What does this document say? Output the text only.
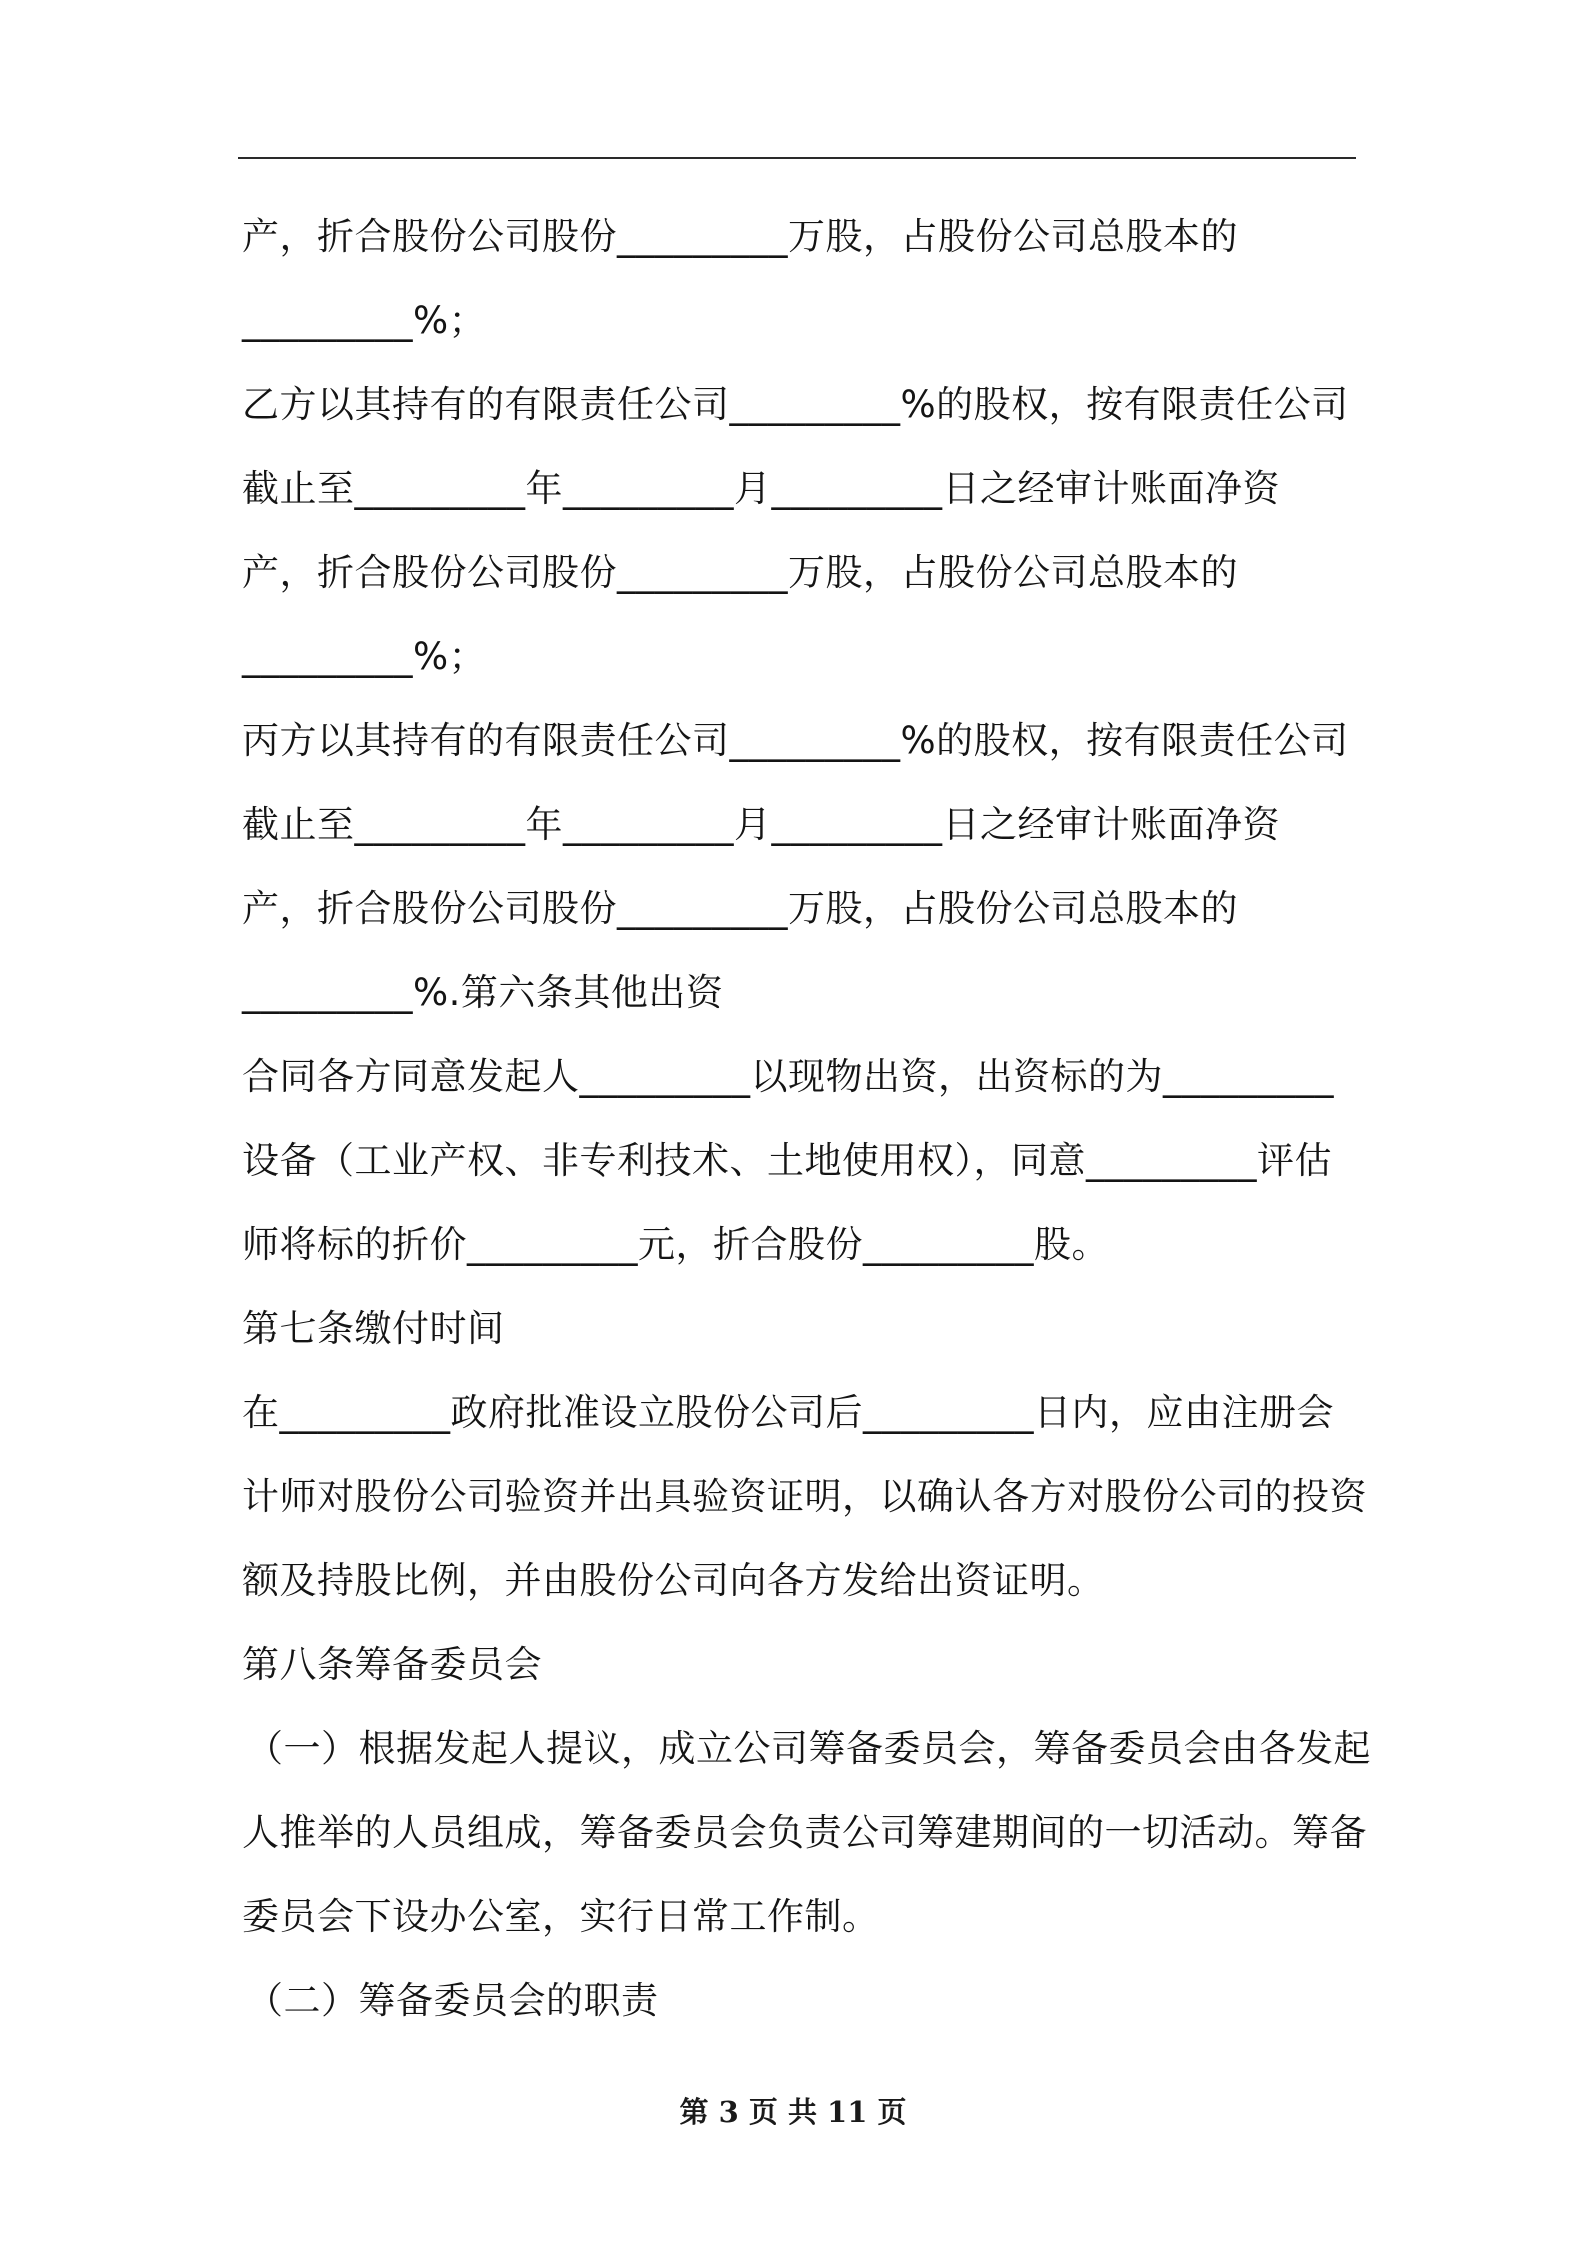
产，折合股份公司股份_________万股，占股份公司总股本的
_________%；
乙方以其持有的有限责任公司_________%的股权，按有限责任公司
截止至_________年_________月_________日之经审计账面净资
产，折合股份公司股份_________万股，占股份公司总股本的
_________%；
丙方以其持有的有限责任公司_________%的股权，按有限责任公司
截止至_________年_________月_________日之经审计账面净资
产，折合股份公司股份_________万股，占股份公司总股本的
_________%.第六条其他出资
合同各方同意发起人_________以现物出资，出资标的为_________
设备（工业产权、非专利技术、土地使用权），同意_________评估
师将标的折价_________元，折合股份_________股。
第七条缴付时间
在_________政府批准设立股份公司后_________日内，应由注册会
计师对股份公司验资并出具验资证明，以确认各方对股份公司的投资
额及持股比例，并由股份公司向各方发给出资证明。
第八条筹备委员会
（一）根据发起人提议，成立公司筹备委员会，筹备委员会由各发起
人推举的人员组成，筹备委员会负责公司筹建期间的一切活动。筹备
委员会下设办公室，实行日常工作制。
（二）筹备委员会的职责
第 3 页 共 11 页
